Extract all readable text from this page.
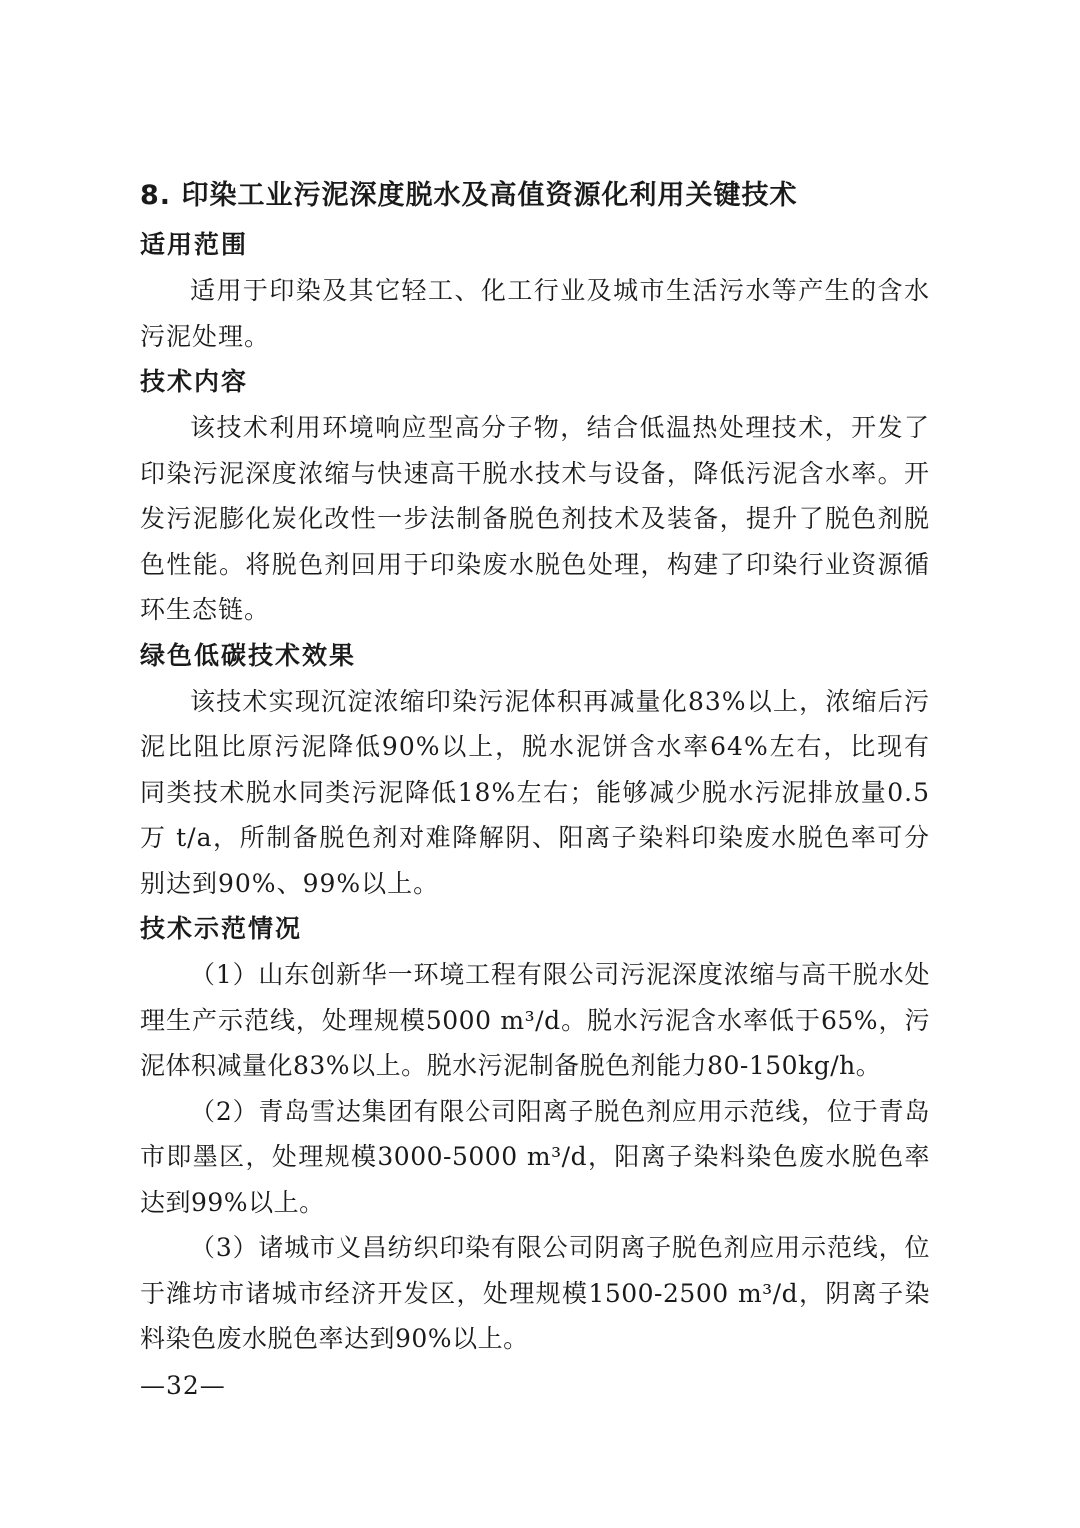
8. 印染工业污泥深度脱水及高值资源化利用关键技术
适用范围

适用于印染及其它轻工、化工行业及城市生活污水等产生的含水污泥处理。

技术内容

该技术利用环境响应型高分子物，结合低温热处理技术，开发了印染污泥深度浓缩与快速高干脱水技术与设备，降低污泥含水率。开发污泥膨化炭化改性一步法制备脱色剂技术及装备，提升了脱色剂脱色性能。将脱色剂回用于印染废水脱色处理，构建了印染行业资源循环生态链。

绿色低碳技术效果

该技术实现沉淀浓缩印染污泥体积再减量化83%以上，浓缩后污泥比阻比原污泥降低90%以上，脱水泥饼含水率64%左右，比现有同类技术脱水同类污泥降低18%左右；能够减少脱水污泥排放量0.5万 t/a，所制备脱色剂对难降解阴、阳离子染料印染废水脱色率可分别达到90%、99%以上。

技术示范情况

（1）山东创新华一环境工程有限公司污泥深度浓缩与高干脱水处理生产示范线，处理规模5000 m³/d。脱水污泥含水率低于65%，污泥体积减量化83%以上。脱水污泥制备脱色剂能力80-150kg/h。

（2）青岛雪达集团有限公司阳离子脱色剂应用示范线，位于青岛市即墨区，处理规模3000-5000 m³/d，阳离子染料染色废水脱色率达到99%以上。

（3）诸城市义昌纺织印染有限公司阴离子脱色剂应用示范线，位于潍坊市诸城市经济开发区，处理规模1500-2500 m³/d，阴离子染料染色废水脱色率达到90%以上。

—32—
